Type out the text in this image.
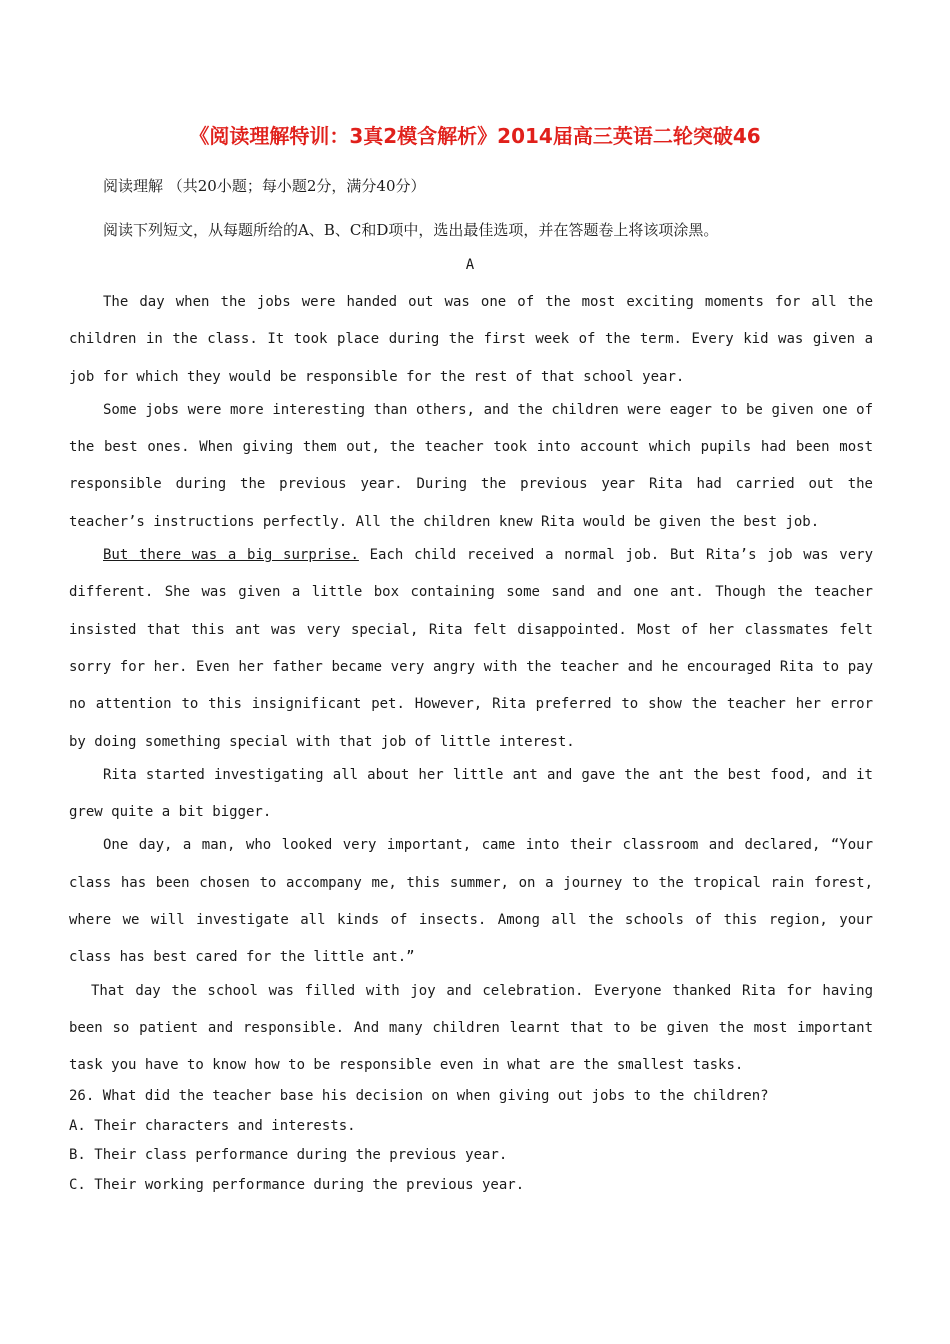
《阅读理解特训：3真2模含解析》2014届高三英语二轮突破46
阅读理解 （共20小题；每小题2分，满分40分）
阅读下列短文，从每题所给的A、B、C和D项中，选出最佳选项，并在答题卷上将该项涂黑。
A

The day when the jobs were handed out was one of the most exciting moments for all the children in the class. It took place during the first week of the term. Every kid was given a job for which they would be responsible for the rest of that school year.

Some jobs were more interesting than others, and the children were eager to be given one of the best ones. When giving them out, the teacher took into account which pupils had been most responsible during the previous year. During the previous year Rita had carried out the teacher’s instructions perfectly. All the children knew Rita would be given the best job.

But there was a big surprise. Each child received a normal job. But Rita’s job was very different. She was given a little box containing some sand and one ant. Though the teacher insisted that this ant was very special, Rita felt disappointed. Most of her classmates felt sorry for her. Even her father became very angry with the teacher and he encouraged Rita to pay no attention to this insignificant pet. However, Rita preferred to show the teacher her error by doing something special with that job of little interest.

Rita started investigating all about her little ant and gave the ant the best food, and it grew quite a bit bigger.

One day, a man, who looked very important, came into their classroom and declared, “Your class has been chosen to accompany me, this summer, on a journey to the tropical rain forest, where we will investigate all kinds of insects. Among all the schools of this region, your class has best cared for the little ant.”

That day the school was filled with joy and celebration. Everyone thanked Rita for having been so patient and responsible. And many children learnt that to be given the most important task you have to know how to be responsible even in what are the smallest tasks.

26. What did the teacher base his decision on when giving out jobs to the children?
A. Their characters and interests.
B. Their class performance during the previous year.
C. Their working performance during the previous year.
